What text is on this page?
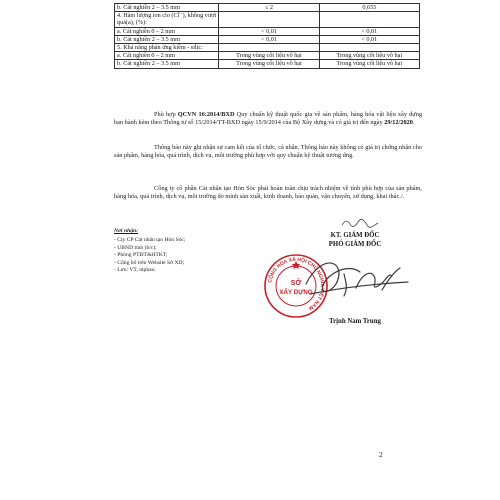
b. Cát nghiền 2 – 3.5 mm	≤ 2	0,655
4. Hàm lượng ion clo (Cl⁻), không vượt quá(a), (%):		
a. Cát nghiền 0 – 2 mm	< 0,01	< 0,01
b. Cát nghiền 2 – 3.5 mm	< 0,01	< 0,01
5. Khả năng phản ứng kiềm - silic:		
a. Cát nghiền 0 – 2 mm	Trong vùng cốt liệu vô hại	Trong vùng cốt liệu vô hại
b. Cát nghiền 2 – 3.5 mm	Trong vùng cốt liệu vô hại	Trong vùng cốt liệu vô hại
Phù hợp QCVN 16:2014/BXD Quy chuẩn kỹ thuật quốc gia về sản phẩm, hàng hóa vật liệu xây dựng ban hành kèm theo Thông tư số 15/2014/TT-BXD ngày 15/9/2014 của Bộ Xây dựng và có giá trị đến ngày 29/12/2020.
Thông báo này ghi nhận sự cam kết của tổ chức, cá nhân. Thông báo này không có giá trị chứng nhận cho sản phẩm, hàng hóa, quá trình, dịch vụ, môi trường phù hợp với quy chuẩn kỹ thuật tương ứng.
Công ty cổ phần Cát nhân tạo Hòn Sóc phải hoàn toàn chịu trách nhiệm về tính phù hợp của sản phẩm, hàng hóa, quá trình, dịch vụ, môi trường do mình sản xuất, kinh doanh, bảo quản, vận chuyển, sử dụng, khai thác./.
Nơi nhận:
- Cty CP Cát nhân tạo Hòn Sóc;
- UBND tỉnh (b/c);
- Phòng PTĐT&HTKT;
- Cổng bố trên Website Sở XD;
- Lưu: VT, ntphao.
KT. GIÁM ĐỐC
PHÓ GIÁM ĐỐC
CỘNG HÒA XÃ HỘI CHỦ NGHĨA VIỆT NAM
SỞ
XÂY DỰNG
Trịnh Nam Trung
2
